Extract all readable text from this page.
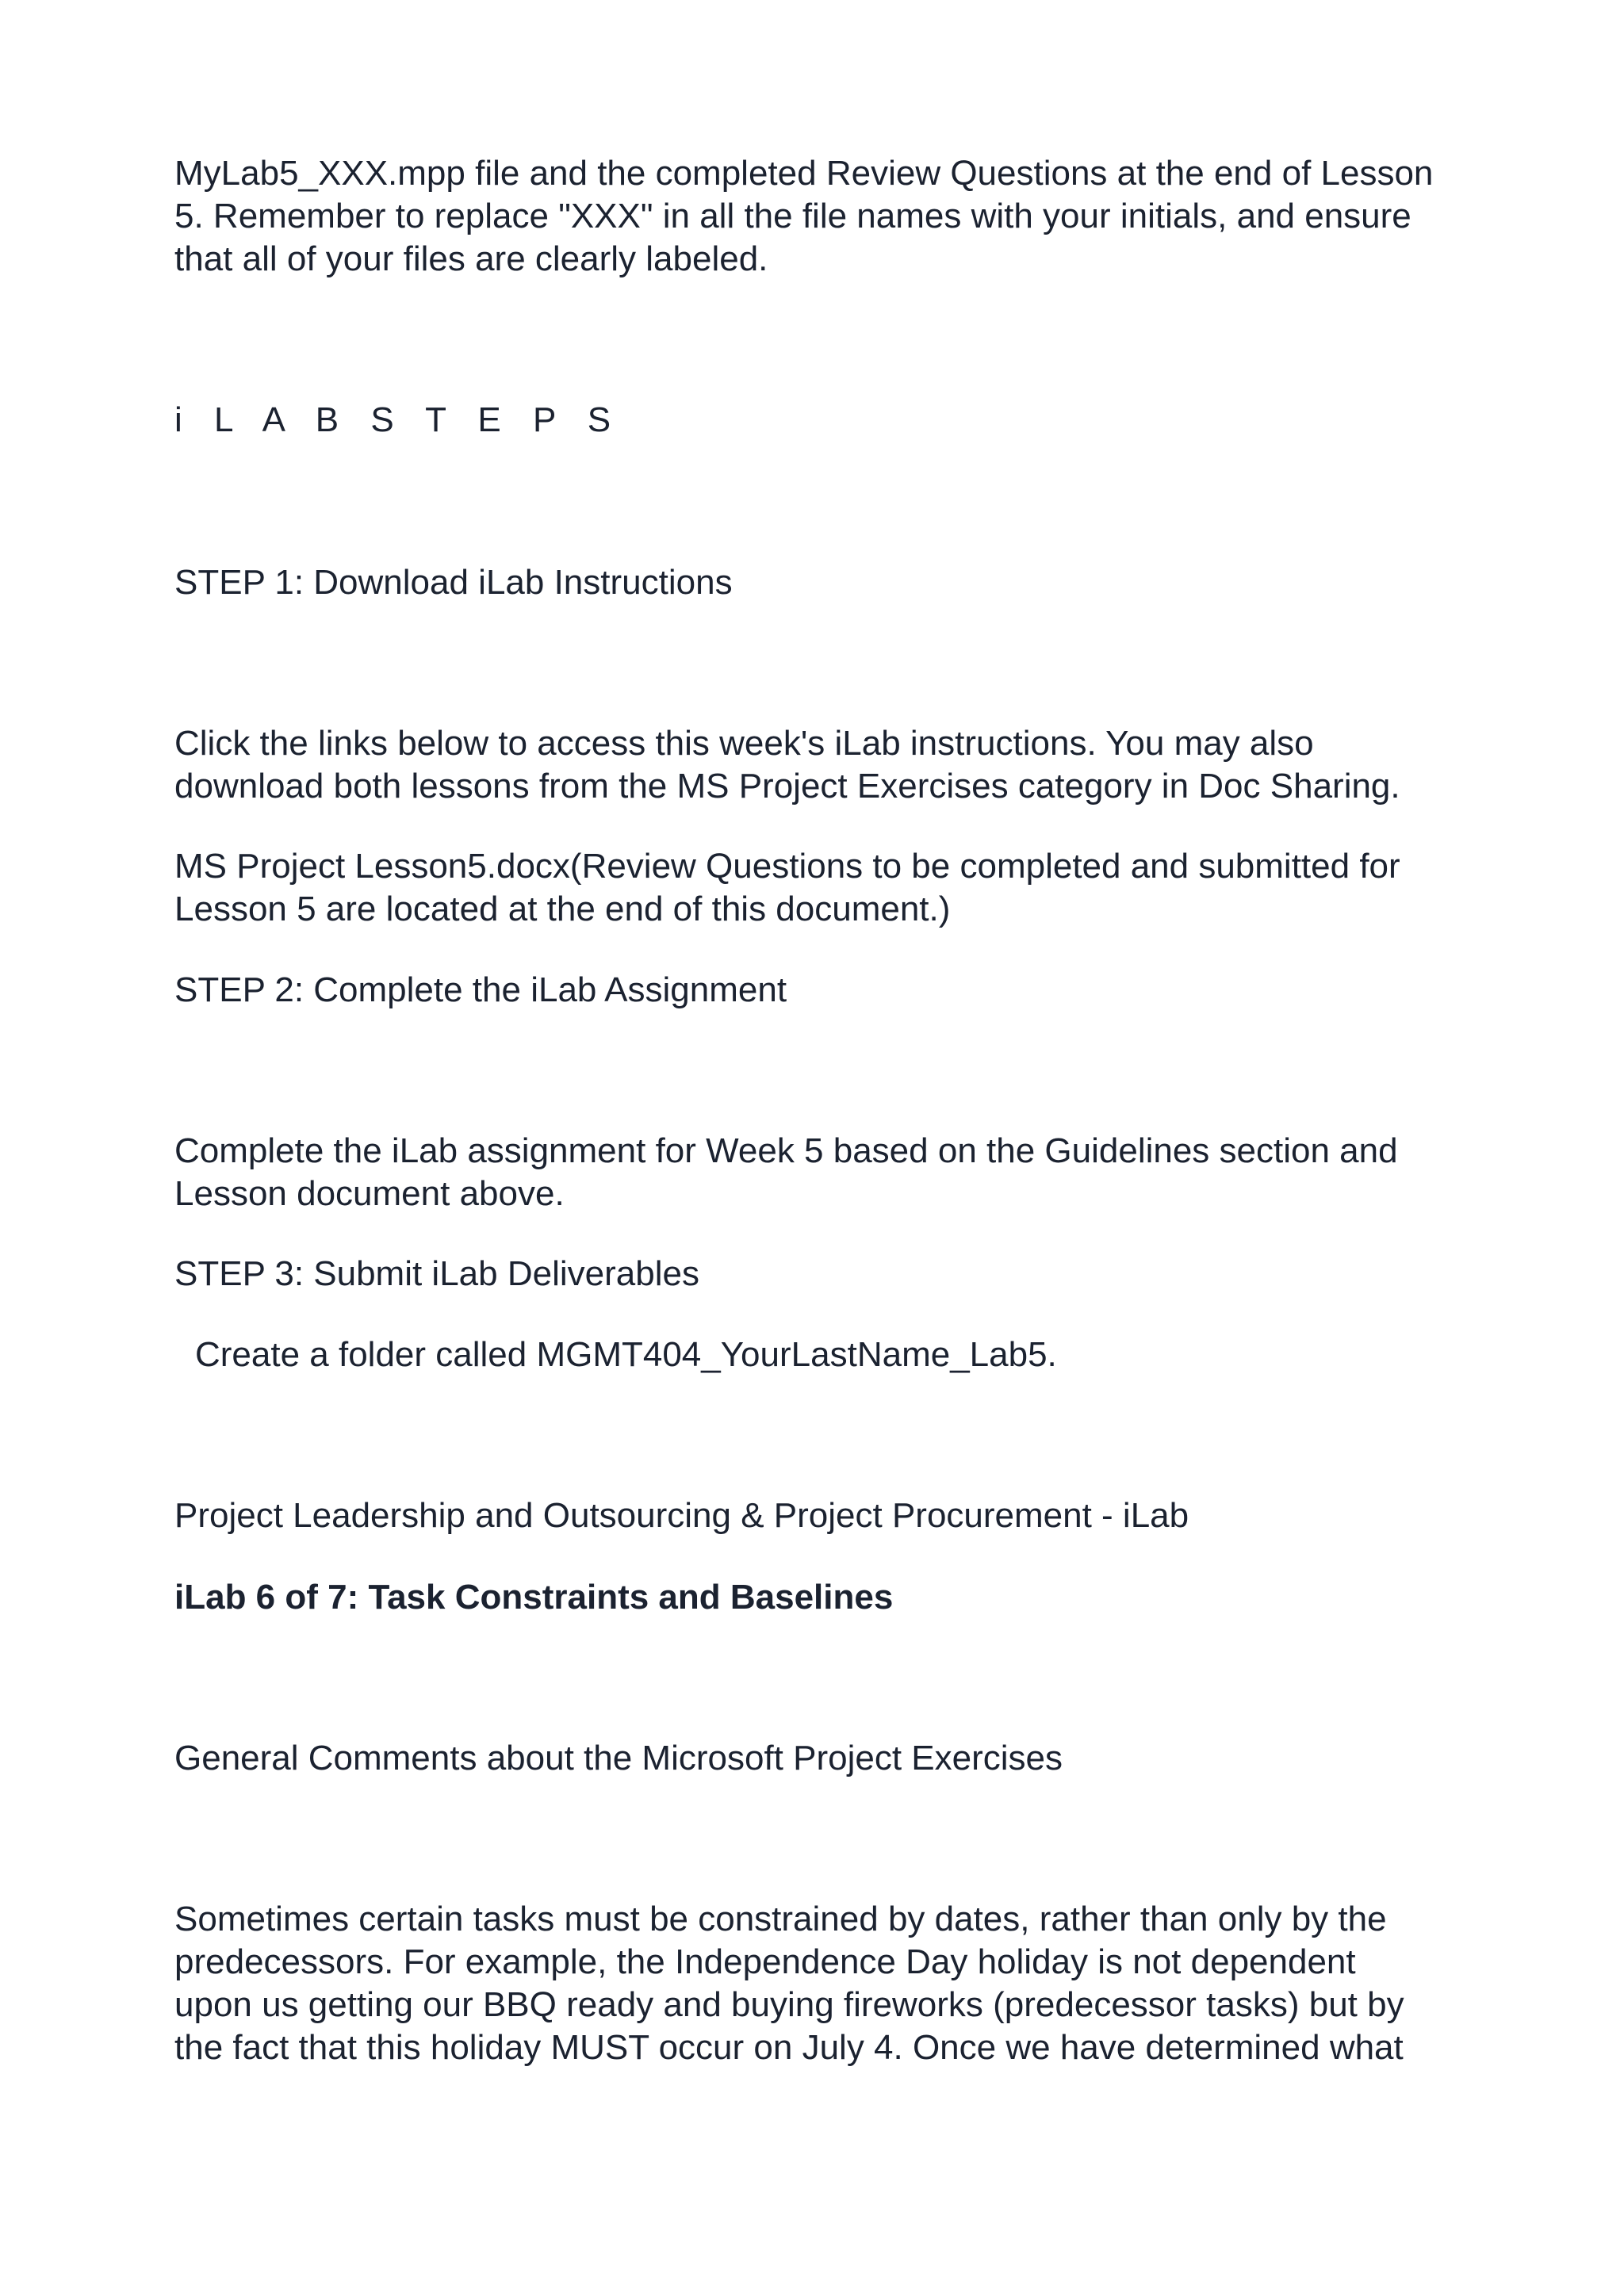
MyLab5_XXX.mpp file and the completed Review Questions at the end of Lesson
5. Remember to replace "XXX" in all the file names with your initials, and ensure
that all of your files are clearly labeled.

i L A B S T E P S

STEP 1: Download iLab Instructions

Click the links below to access this week's iLab instructions. You may also
download both lessons from the MS Project Exercises category in Doc Sharing.

MS Project Lesson5.docx(Review Questions to be completed and submitted for
Lesson 5 are located at the end of this document.)

STEP 2: Complete the iLab Assignment

Complete the iLab assignment for Week 5 based on the Guidelines section and
Lesson document above.

STEP 3: Submit iLab Deliverables

Create a folder called MGMT404_YourLastName_Lab5.

Project Leadership and Outsourcing & Project Procurement - iLab

iLab 6 of 7: Task Constraints and Baselines

General Comments about the Microsoft Project Exercises

Sometimes certain tasks must be constrained by dates, rather than only by the
predecessors. For example, the Independence Day holiday is not dependent
upon us getting our BBQ ready and buying fireworks (predecessor tasks) but by
the fact that this holiday MUST occur on July 4. Once we have determined what
